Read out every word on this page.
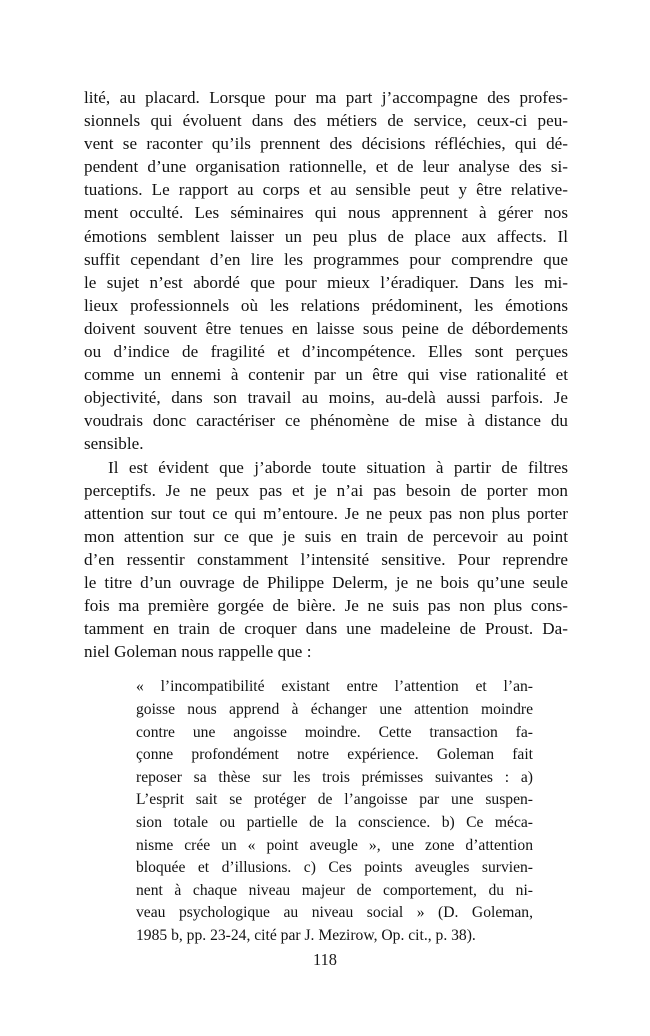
lité, au placard. Lorsque pour ma part j’accompagne des profes-
sionnels qui évoluent dans des métiers de service, ceux-ci peu-
vent se raconter qu’ils prennent des décisions réfléchies, qui dé-
pendent d’une organisation rationnelle, et de leur analyse des si-
tuations. Le rapport au corps et au sensible peut y être relative-
ment occulté. Les séminaires qui nous apprennent à gérer nos
émotions semblent laisser un peu plus de place aux affects. Il
suffit cependant d’en lire les programmes pour comprendre que
le sujet n’est abordé que pour mieux l’éradiquer. Dans les mi-
lieux professionnels où les relations prédominent, les émotions
doivent souvent être tenues en laisse sous peine de débordements
ou d’indice de fragilité et d’incompétence. Elles sont perçues
comme un ennemi à contenir par un être qui vise rationalité et
objectivité, dans son travail au moins, au-delà aussi parfois. Je
voudrais donc caractériser ce phénomène de mise à distance du
sensible.

Il est évident que j’aborde toute situation à partir de filtres
perceptifs. Je ne peux pas et je n’ai pas besoin de porter mon
attention sur tout ce qui m’entoure. Je ne peux pas non plus porter
mon attention sur ce que je suis en train de percevoir au point
d’en ressentir constamment l’intensité sensitive. Pour reprendre
le titre d’un ouvrage de Philippe Delerm, je ne bois qu’une seule
fois ma première gorgée de bière. Je ne suis pas non plus cons-
tamment en train de croquer dans une madeleine de Proust. Da-
niel Goleman nous rappelle que :

« l’incompatibilité existant entre l’attention et l’an-
goisse nous apprend à échanger une attention moindre
contre une angoisse moindre. Cette transaction fa-
çonne profondément notre expérience. Goleman fait
reposer sa thèse sur les trois prémisses suivantes : a)
L’esprit sait se protéger de l’angoisse par une suspen-
sion totale ou partielle de la conscience. b) Ce méca-
nisme crée un « point aveugle », une zone d’attention
bloquée et d’illusions. c) Ces points aveugles survien-
nent à chaque niveau majeur de comportement, du ni-
veau psychologique au niveau social » (D. Goleman,
1985 b, pp. 23-24, cité par J. Mezirow, Op. cit., p. 38).
118
